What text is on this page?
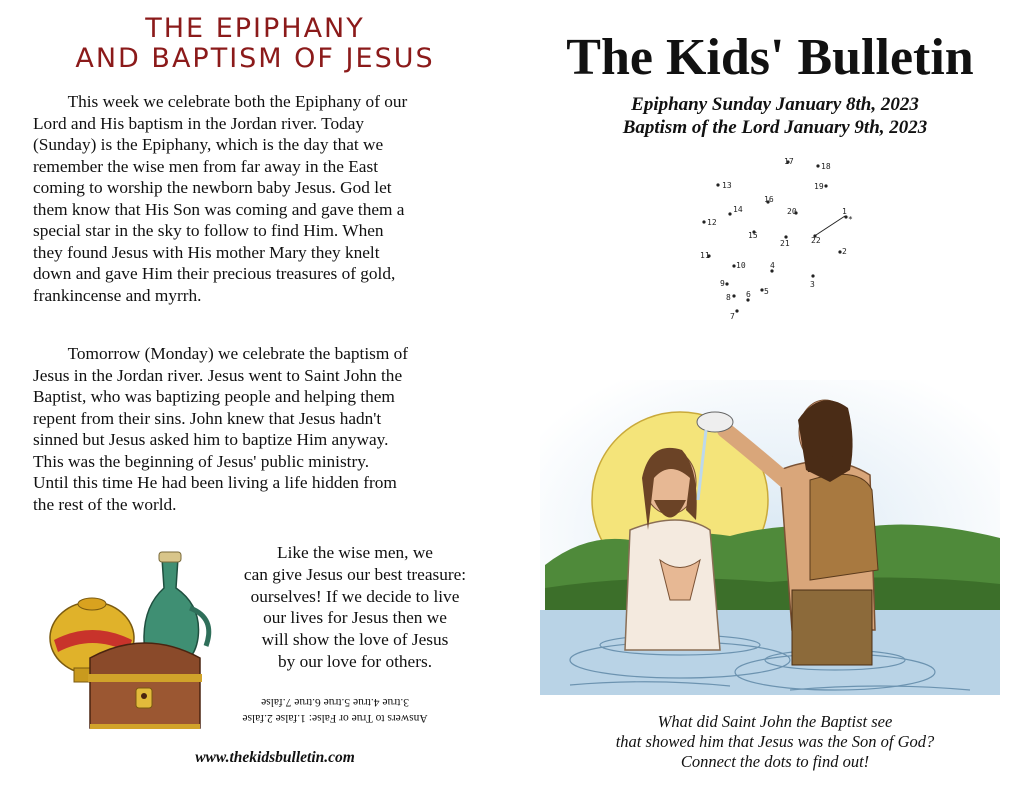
THE EPIPHANY
AND BAPTISM OF JESUS

This week we celebrate both the Epiphany of our
Lord and His baptism in the Jordan river. Today
(Sunday) is the Epiphany, which is the day that we
remember the wise men from far away in the East
coming to worship the newborn baby Jesus. God let
them know that His Son was coming and gave them a
special star in the sky to follow to find Him. When
they found Jesus with His mother Mary they knelt
down and gave Him their precious treasures of gold,
frankincense and myrrh.

Tomorrow (Monday) we celebrate the baptism of
Jesus in the Jordan river. Jesus went to Saint John the
Baptist, who was baptizing people and helping them
repent from their sins. John knew that Jesus hadn't
sinned but Jesus asked him to baptize Him anyway.
This was the beginning of Jesus' public ministry.
Until this time He had been living a life hidden from
the rest of the world.

Like the wise men, we
can give Jesus our best treasure:
ourselves! If we decide to live
our lives for Jesus then we
will show the love of Jesus
by our love for others.
Answers to True or False: 1.false 2.false
3.true 4.true 5.true 6.true 7.false
www.thekidsbulletin.com
The Kids' Bulletin
Epiphany Sunday January 8th, 2023
Baptism of the Lord January 9th, 2023
1
2
3
4
5
6
7
8
9
10
11
12
13
14
15
16
17
18
19
20
21	22
*
What did Saint John the Baptist see
that showed him that Jesus was the Son of God?
Connect the dots to find out!
